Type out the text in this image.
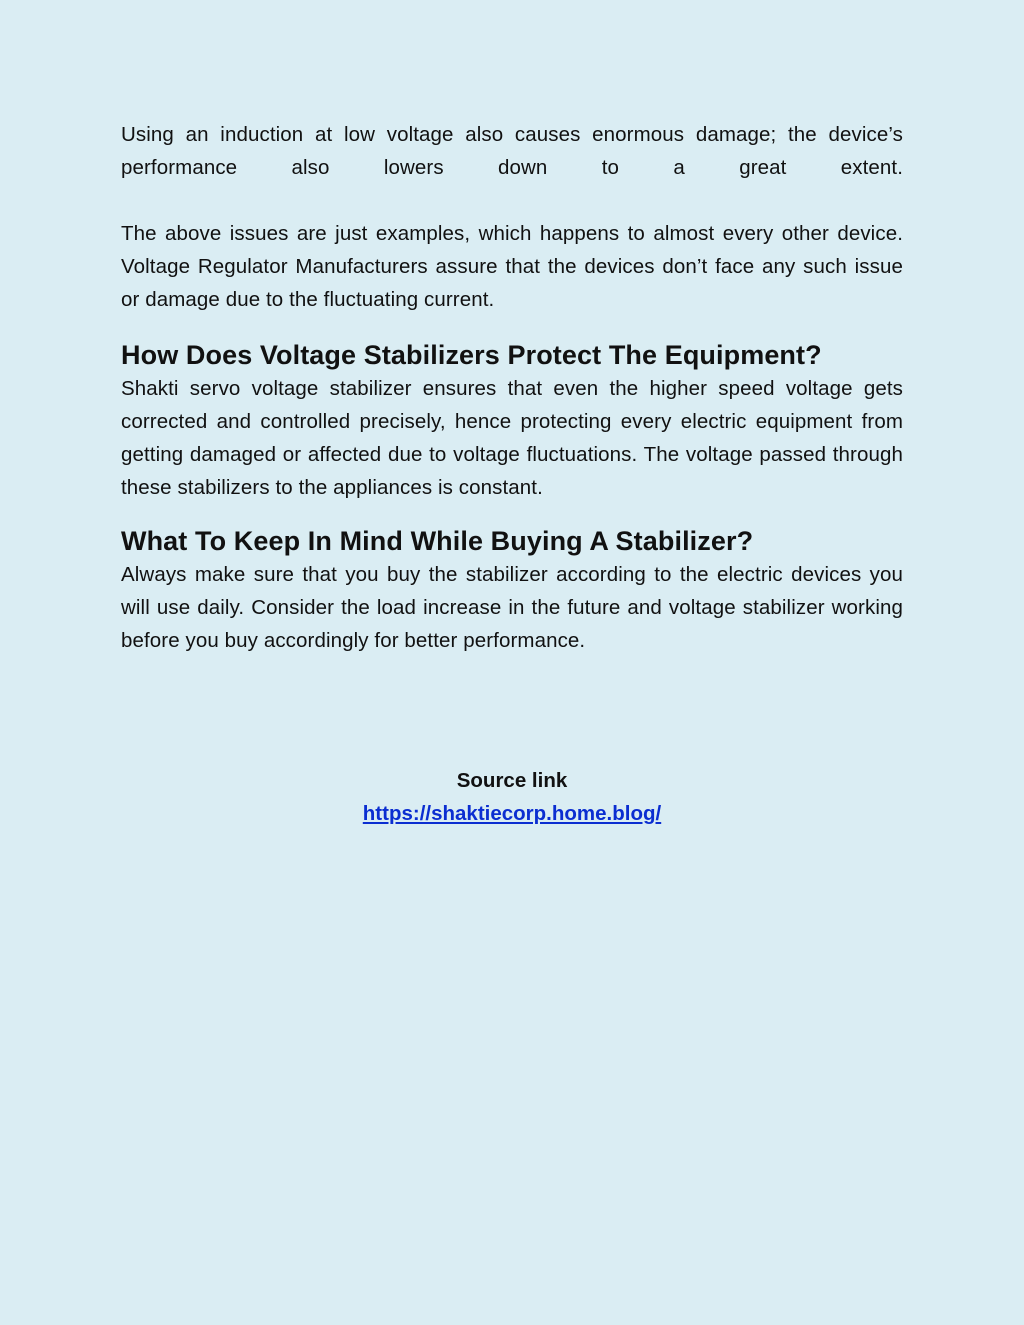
Using an induction at low voltage also causes enormous damage; the device’s performance also lowers down to a great extent.

The above issues are just examples, which happens to almost every other device. Voltage Regulator Manufacturers assure that the devices don’t face any such issue or damage due to the fluctuating current.

How Does Voltage Stabilizers Protect The Equipment?

Shakti servo voltage stabilizer ensures that even the higher speed voltage gets corrected and controlled precisely, hence protecting every electric equipment from getting damaged or affected due to voltage fluctuations. The voltage passed through these stabilizers to the appliances is constant.

What To Keep In Mind While Buying A Stabilizer?

Always make sure that you buy the stabilizer according to the electric devices you will use daily. Consider the load increase in the future and voltage stabilizer working before you buy accordingly for better performance.

Source link
https://shaktiecorp.home.blog/
